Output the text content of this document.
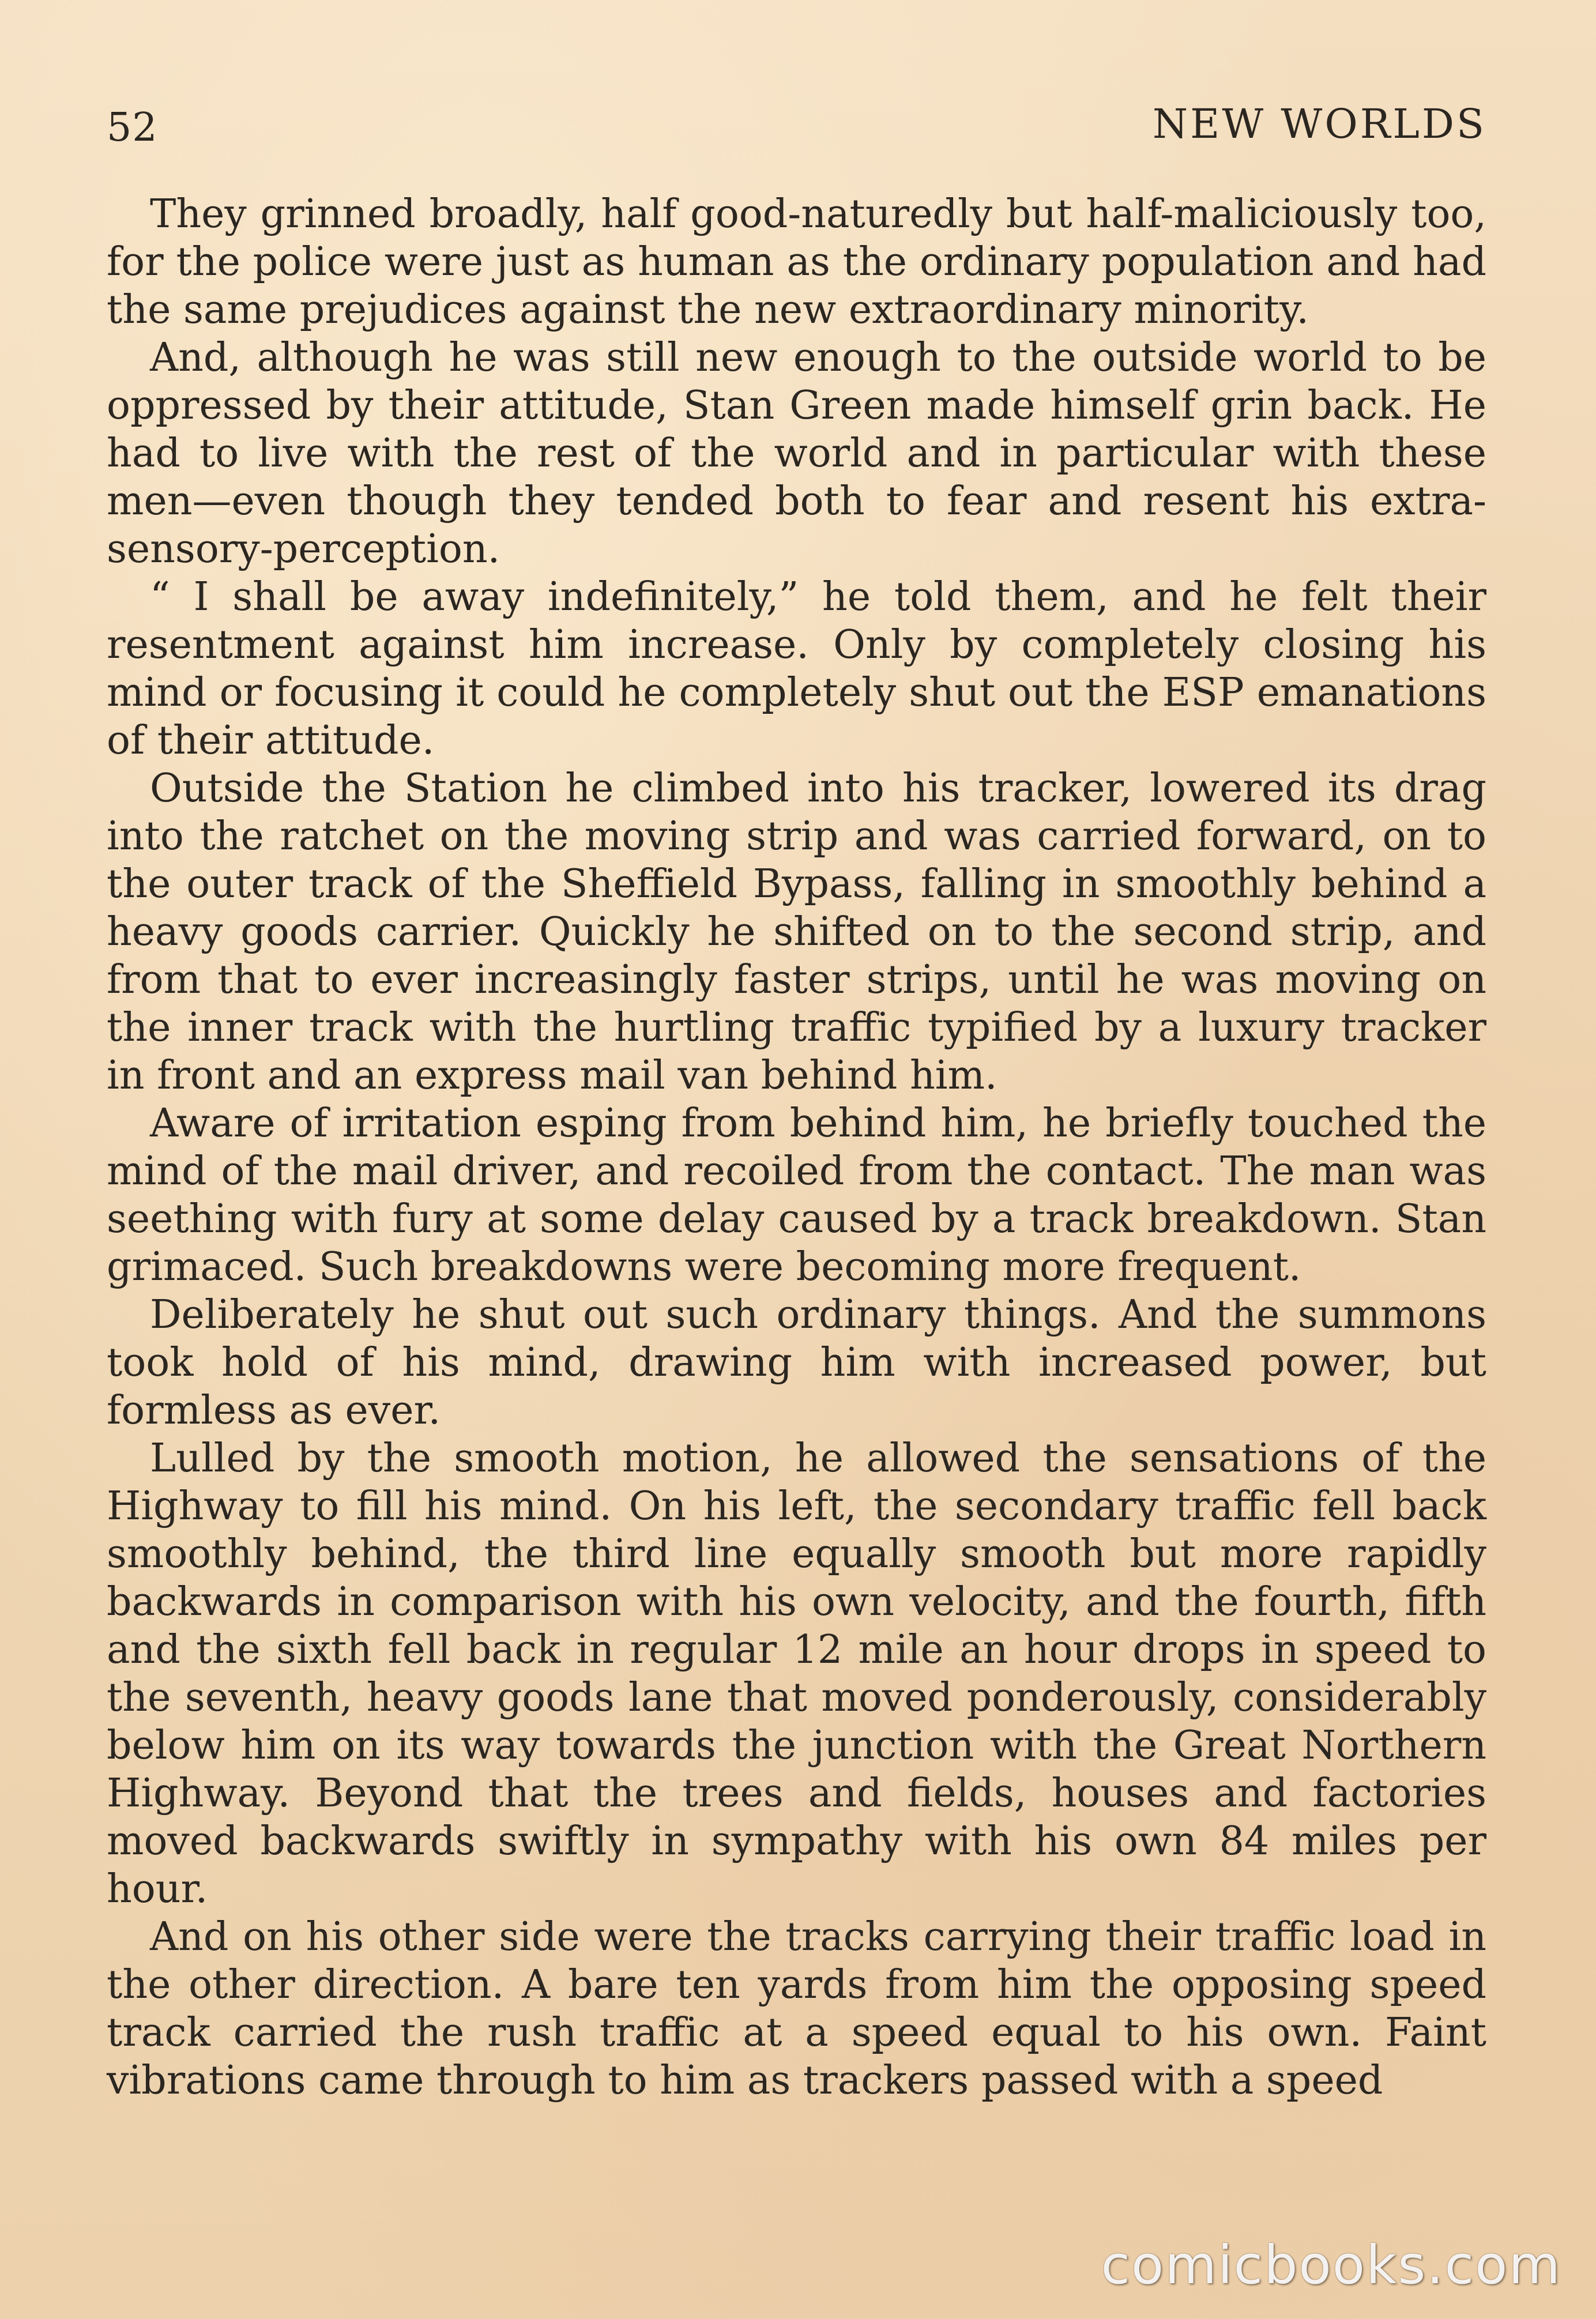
52	NEW WORLDS

They grinned broadly, half good-naturedly but half-maliciously too, for the police were just as human as the ordinary population and had the same prejudices against the new extraordinary minority.

And, although he was still new enough to the outside world to be oppressed by their attitude, Stan Green made himself grin back. He had to live with the rest of the world and in particular with these men—even though they tended both to fear and resent his extra-sensory-perception.

“ I shall be away indefinitely,” he told them, and he felt their resentment against him increase. Only by completely closing his mind or focusing it could he completely shut out the ESP emanations of their attitude.

Outside the Station he climbed into his tracker, lowered its drag into the ratchet on the moving strip and was carried forward, on to the outer track of the Sheffield Bypass, falling in smoothly behind a heavy goods carrier. Quickly he shifted on to the second strip, and from that to ever increasingly faster strips, until he was moving on the inner track with the hurtling traffic typified by a luxury tracker in front and an express mail van behind him.

Aware of irritation esping from behind him, he briefly touched the mind of the mail driver, and recoiled from the contact. The man was seething with fury at some delay caused by a track breakdown. Stan grimaced. Such breakdowns were becoming more frequent.

Deliberately he shut out such ordinary things. And the summons took hold of his mind, drawing him with increased power, but formless as ever.

Lulled by the smooth motion, he allowed the sensations of the Highway to fill his mind. On his left, the secondary traffic fell back smoothly behind, the third line equally smooth but more rapidly backwards in comparison with his own velocity, and the fourth, fifth and the sixth fell back in regular 12 mile an hour drops in speed to the seventh, heavy goods lane that moved ponderously, considerably below him on its way towards the junction with the Great Northern Highway. Beyond that the trees and fields, houses and factories moved backwards swiftly in sympathy with his own 84 miles per hour.

And on his other side were the tracks carrying their traffic load in the other direction. A bare ten yards from him the opposing speed track carried the rush traffic at a speed equal to his own. Faint vibrations came through to him as trackers passed with a speed

comicbooks.com
